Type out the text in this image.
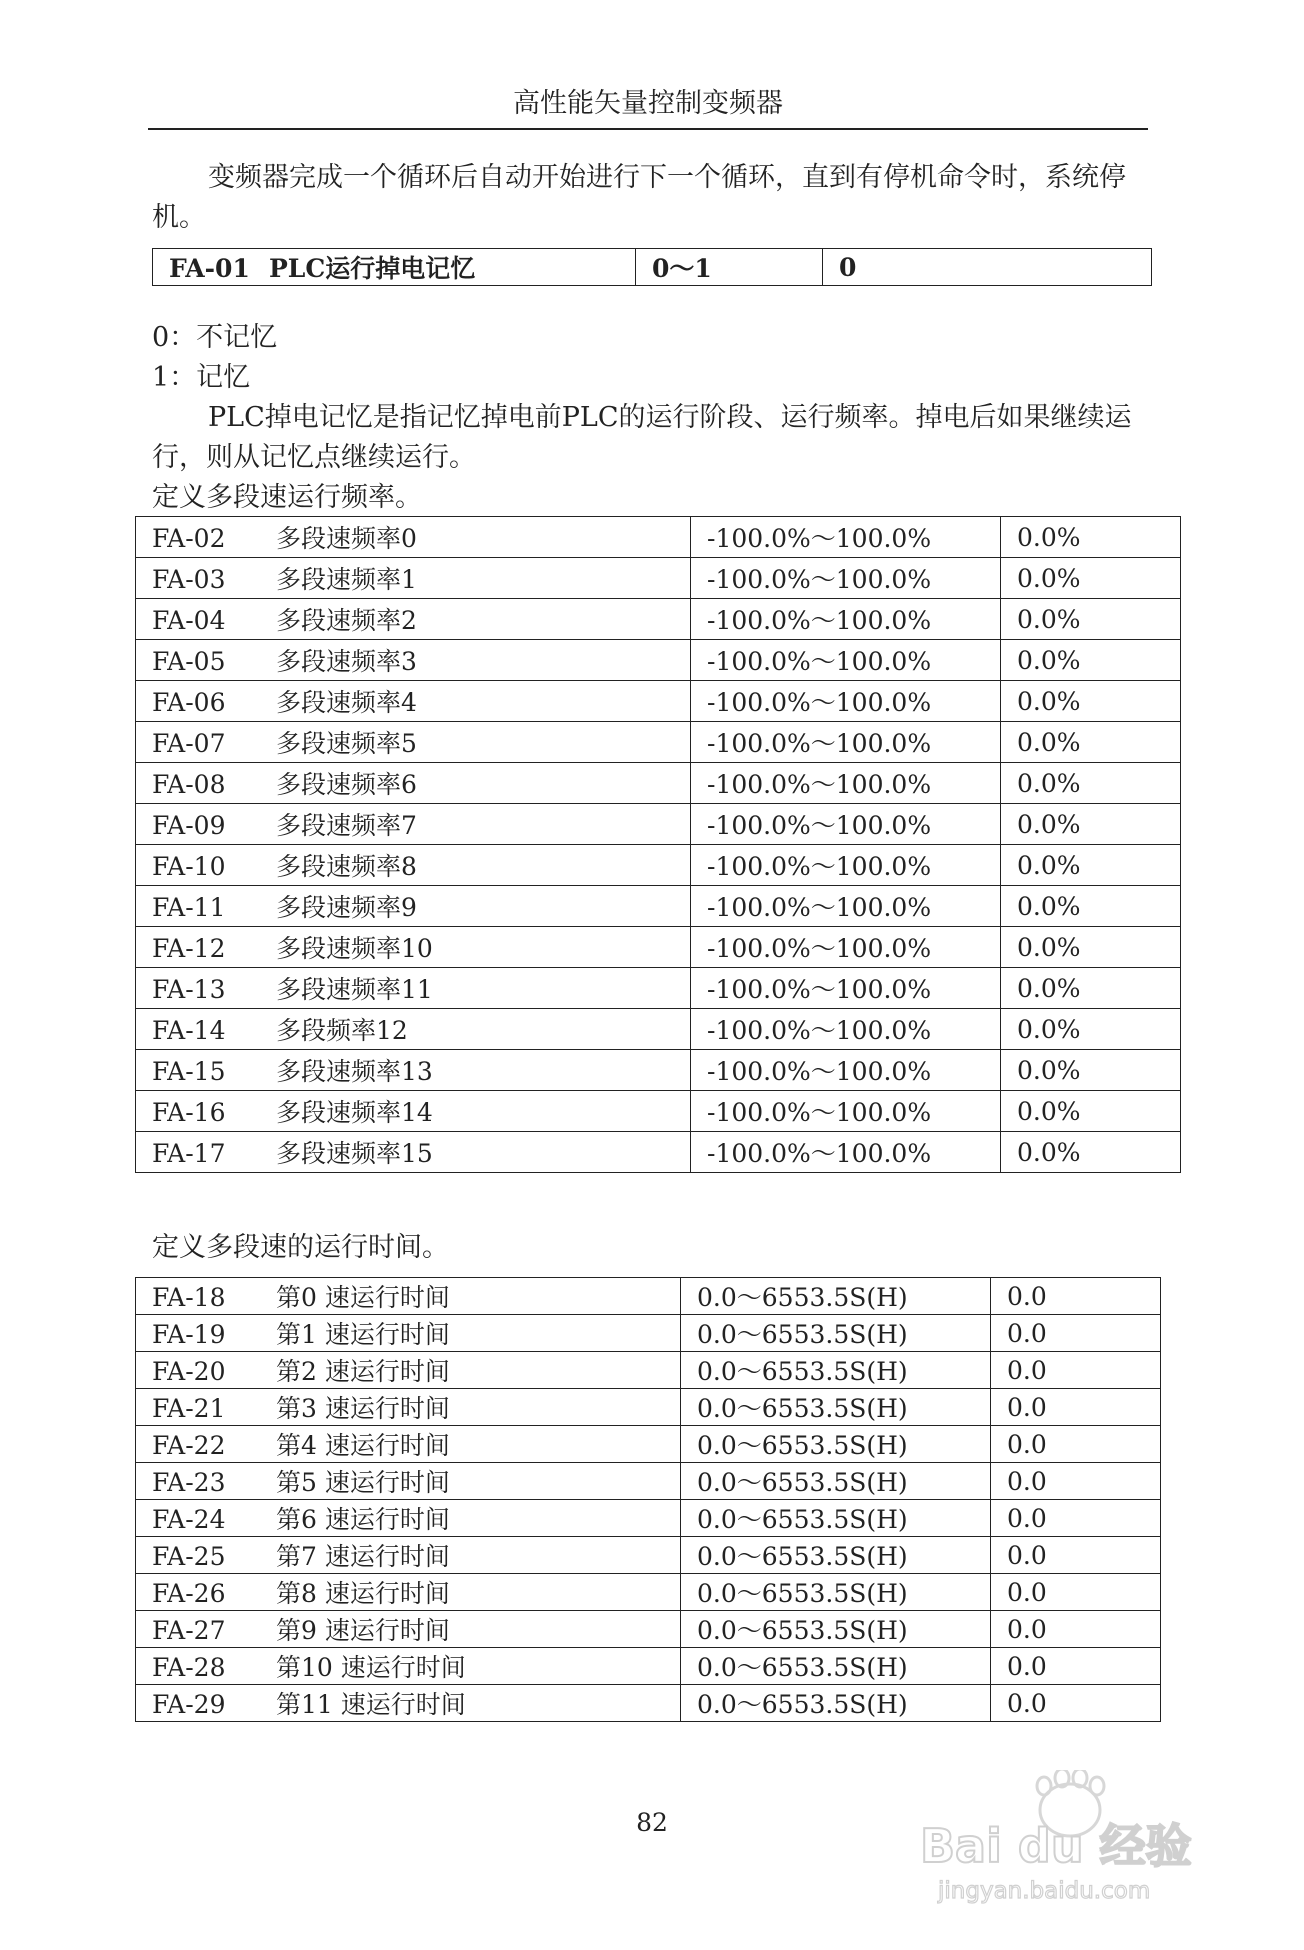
高性能矢量控制变频器

变频器完成一个循环后自动开始进行下一个循环，直到有停机命令时，系统停机。

FA-01 PLC运行掉电记忆	0～1	0

0：不记忆

1：记忆

PLC掉电记忆是指记忆掉电前PLC的运行阶段、运行频率。掉电后如果继续运行，则从记忆点继续运行。

定义多段速运行频率。

FA-02 多段速频率0	-100.0%～100.0%	0.0%
FA-03 多段速频率1	-100.0%～100.0%	0.0%
FA-04 多段速频率2	-100.0%～100.0%	0.0%
FA-05 多段速频率3	-100.0%～100.0%	0.0%
FA-06 多段速频率4	-100.0%～100.0%	0.0%
FA-07 多段速频率5	-100.0%～100.0%	0.0%
FA-08 多段速频率6	-100.0%～100.0%	0.0%
FA-09 多段速频率7	-100.0%～100.0%	0.0%
FA-10 多段速频率8	-100.0%～100.0%	0.0%
FA-11 多段速频率9	-100.0%～100.0%	0.0%
FA-12 多段速频率10	-100.0%～100.0%	0.0%
FA-13 多段速频率11	-100.0%～100.0%	0.0%
FA-14 多段频率12	-100.0%～100.0%	0.0%
FA-15 多段速频率13	-100.0%～100.0%	0.0%
FA-16 多段速频率14	-100.0%～100.0%	0.0%
FA-17 多段速频率15	-100.0%～100.0%	0.0%

定义多段速的运行时间。

FA-18 第0 速运行时间	0.0～6553.5S(H)	0.0
FA-19 第1 速运行时间	0.0～6553.5S(H)	0.0
FA-20 第2 速运行时间	0.0～6553.5S(H)	0.0
FA-21 第3 速运行时间	0.0～6553.5S(H)	0.0
FA-22 第4 速运行时间	0.0～6553.5S(H)	0.0
FA-23 第5 速运行时间	0.0～6553.5S(H)	0.0
FA-24 第6 速运行时间	0.0～6553.5S(H)	0.0
FA-25 第7 速运行时间	0.0～6553.5S(H)	0.0
FA-26 第8 速运行时间	0.0～6553.5S(H)	0.0
FA-27 第9 速运行时间	0.0～6553.5S(H)	0.0
FA-28 第10 速运行时间	0.0～6553.5S(H)	0.0
FA-29 第11 速运行时间	0.0～6553.5S(H)	0.0
82	Bai du 经验
jingyan.baidu.com
